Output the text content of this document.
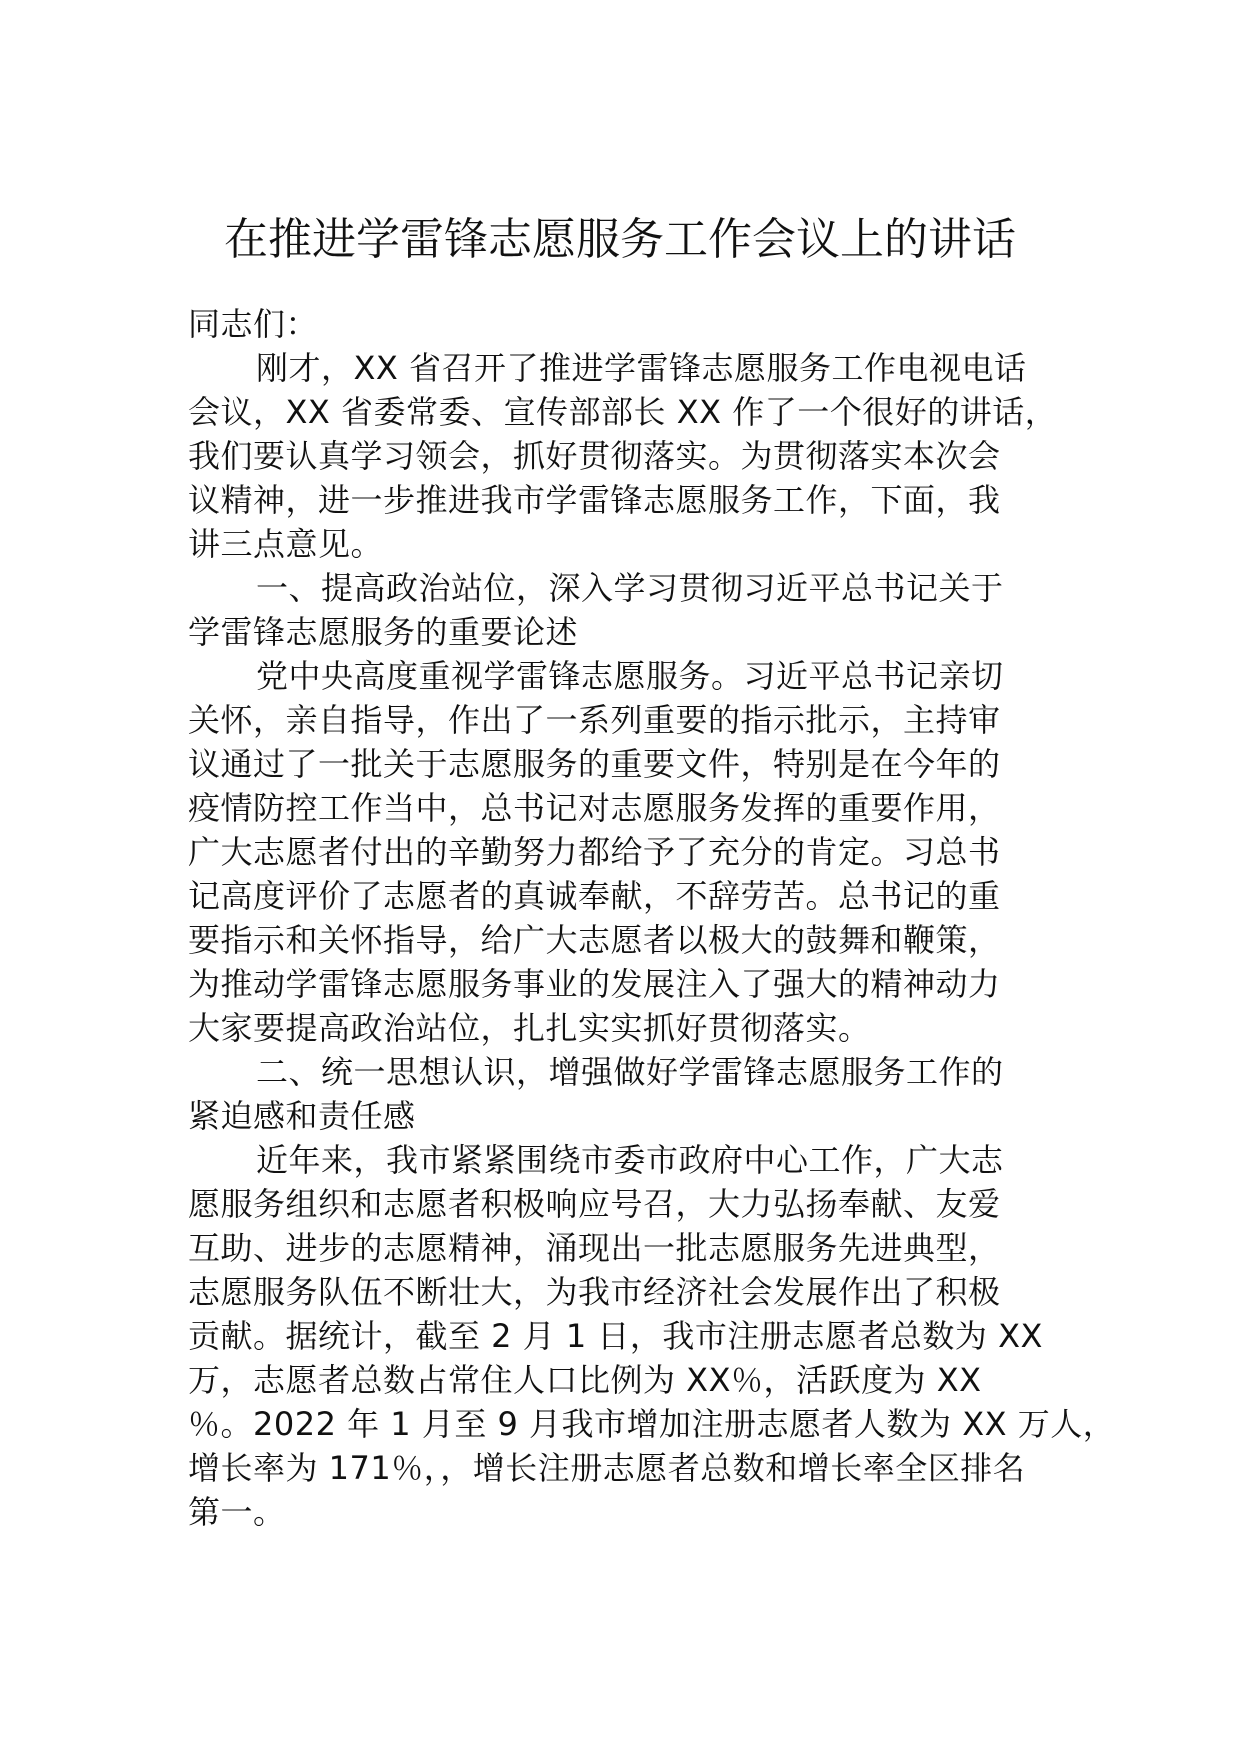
在推进学雷锋志愿服务工作会议上的讲话

同志们：

刚才，XX 省召开了推进学雷锋志愿服务工作电视电话

会议，XX 省委常委、宣传部部长 XX 作了一个很好的讲话，

我们要认真学习领会，抓好贯彻落实。为贯彻落实本次会

议精神，进一步推进我市学雷锋志愿服务工作，下面，我

讲三点意见。

一、提高政治站位，深入学习贯彻习近平总书记关于

学雷锋志愿服务的重要论述

党中央高度重视学雷锋志愿服务。习近平总书记亲切

关怀，亲自指导，作出了一系列重要的指示批示，主持审

议通过了一批关于志愿服务的重要文件，特别是在今年的

疫情防控工作当中，总书记对志愿服务发挥的重要作用，

广大志愿者付出的辛勤努力都给予了充分的肯定。习总书

记高度评价了志愿者的真诚奉献，不辞劳苦。总书记的重

要指示和关怀指导，给广大志愿者以极大的鼓舞和鞭策，

为推动学雷锋志愿服务事业的发展注入了强大的精神动力

大家要提高政治站位，扎扎实实抓好贯彻落实。

二、统一思想认识，增强做好学雷锋志愿服务工作的

紧迫感和责任感

近年来，我市紧紧围绕市委市政府中心工作，广大志

愿服务组织和志愿者积极响应号召，大力弘扬奉献、友爱

互助、进步的志愿精神，涌现出一批志愿服务先进典型，

志愿服务队伍不断壮大，为我市经济社会发展作出了积极

贡献。据统计，截至 2 月 1 日，我市注册志愿者总数为 XX

万，志愿者总数占常住人口比例为 XX％，活跃度为 XX

％。2022 年 1 月至 9 月我市增加注册志愿者人数为 XX 万人，

增长率为 171％，，增长注册志愿者总数和增长率全区排名

第一。
